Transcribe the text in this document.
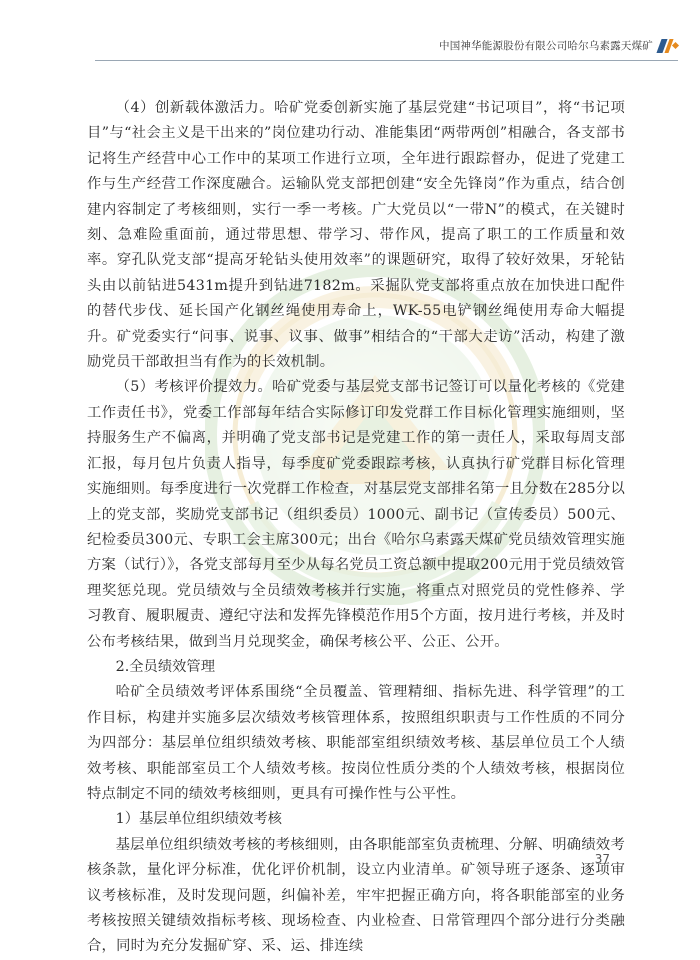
中国神华能源股份有限公司哈尔乌素露天煤矿

（4）创新载体激活力。哈矿党委创新实施了基层党建“书记项目”，将“书记项目”与“社会主义是干出来的”岗位建功行动、准能集团“两带两创”相融合，各支部书记将生产经营中心工作中的某项工作进行立项，全年进行跟踪督办，促进了党建工作与生产经营工作深度融合。运输队党支部把创建“安全先锋岗”作为重点，结合创建内容制定了考核细则，实行一季一考核。广大党员以“一带N”的模式，在关键时刻、急难险重面前，通过带思想、带学习、带作风，提高了职工的工作质量和效率。穿孔队党支部“提高牙轮钻头使用效率”的课题研究，取得了较好效果，牙轮钻头由以前钻进5431m提升到钻进7182m。采掘队党支部将重点放在加快进口配件的替代步伐、延长国产化钢丝绳使用寿命上，WK-55电铲钢丝绳使用寿命大幅提升。矿党委实行“问事、说事、议事、做事”相结合的“干部大走访”活动，构建了激励党员干部敢担当有作为的长效机制。

（5）考核评价提效力。哈矿党委与基层党支部书记签订可以量化考核的《党建工作责任书》，党委工作部每年结合实际修订印发党群工作目标化管理实施细则，坚持服务生产不偏离，并明确了党支部书记是党建工作的第一责任人，采取每周支部汇报，每月包片负责人指导，每季度矿党委跟踪考核，认真执行矿党群目标化管理实施细则。每季度进行一次党群工作检查，对基层党支部排名第一且分数在285分以上的党支部，奖励党支部书记（组织委员）1000元、副书记（宣传委员）500元、纪检委员300元、专职工会主席300元；出台《哈尔乌素露天煤矿党员绩效管理实施方案（试行）》，各党支部每月至少从每名党员工资总额中提取200元用于党员绩效管理奖惩兑现。党员绩效与全员绩效考核并行实施，将重点对照党员的党性修养、学习教育、履职履责、遵纪守法和发挥先锋模范作用5个方面，按月进行考核，并及时公布考核结果，做到当月兑现奖金，确保考核公平、公正、公开。

2.全员绩效管理

哈矿全员绩效考评体系围绕“全员覆盖、管理精细、指标先进、科学管理”的工作目标，构建并实施多层次绩效考核管理体系，按照组织职责与工作性质的不同分为四部分：基层单位组织绩效考核、职能部室组织绩效考核、基层单位员工个人绩效考核、职能部室员工个人绩效考核。按岗位性质分类的个人绩效考核，根据岗位特点制定不同的绩效考核细则，更具有可操作性与公平性。

1）基层单位组织绩效考核

基层单位组织绩效考核的考核细则，由各职能部室负责梳理、分解、明确绩效考核条款，量化评分标准，优化评价机制，设立内业清单。矿领导班子逐条、逐项审议考核标准，及时发现问题，纠偏补差，牢牢把握正确方向，将各职能部室的业务考核按照关键绩效指标考核、现场检查、内业检查、日常管理四个部分进行分类融合，同时为充分发掘矿穿、采、运、排连续

37
